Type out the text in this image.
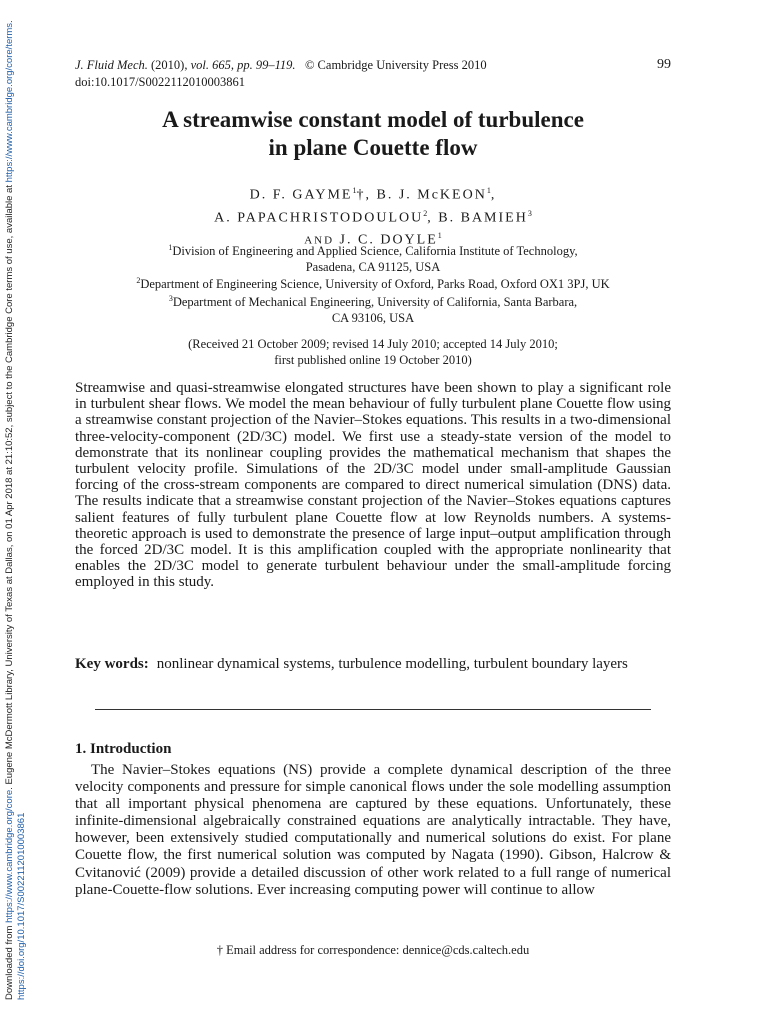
Downloaded from https://www.cambridge.org/core. Eugene McDermott Library, University of Texas at Dallas, on 01 Apr 2018 at 21:10:52, subject to the Cambridge Core terms of use, available at https://www.cambridge.org/core/terms.
https://doi.org/10.1017/S0022112010003861
J. Fluid Mech. (2010), vol. 665, pp. 99–119. © Cambridge University Press 2010
doi:10.1017/S0022112010003861
99
A streamwise constant model of turbulence
in plane Couette flow
D. F. GAYME$^1$†, B. J. McKEON$^1$,
A. PAPACHRISTODOULOU$^2$, B. BAMIEH$^3$
AND J. C. DOYLE$^1$
$^1$Division of Engineering and Applied Science, California Institute of Technology,
Pasadena, CA 91125, USA
$^2$Department of Engineering Science, University of Oxford, Parks Road, Oxford OX1 3PJ, UK
$^3$Department of Mechanical Engineering, University of California, Santa Barbara,
CA 93106, USA
(Received 21 October 2009; revised 14 July 2010; accepted 14 July 2010;
first published online 19 October 2010)

Streamwise and quasi-streamwise elongated structures have been shown to play a significant role in turbulent shear flows. We model the mean behaviour of fully turbulent plane Couette flow using a streamwise constant projection of the Navier–Stokes equations. This results in a two-dimensional three-velocity-component (2D/3C) model. We first use a steady-state version of the model to demonstrate that its nonlinear coupling provides the mathematical mechanism that shapes the turbulent velocity profile. Simulations of the 2D/3C model under small-amplitude Gaussian forcing of the cross-stream components are compared to direct numerical simulation (DNS) data. The results indicate that a streamwise constant projection of the Navier–Stokes equations captures salient features of fully turbulent plane Couette flow at low Reynolds numbers. A systems-theoretic approach is used to demonstrate the presence of large input–output amplification through the forced 2D/3C model. It is this amplification coupled with the appropriate nonlinearity that enables the 2D/3C model to generate turbulent behaviour under the small-amplitude forcing employed in this study.

Key words: nonlinear dynamical systems, turbulence modelling, turbulent boundary layers
1. Introduction

The Navier–Stokes equations (NS) provide a complete dynamical description of the three velocity components and pressure for simple canonical flows under the sole modelling assumption that all important physical phenomena are captured by these equations. Unfortunately, these infinite-dimensional algebraically constrained equations are analytically intractable. They have, however, been extensively studied computationally and numerical solutions do exist. For plane Couette flow, the first numerical solution was computed by Nagata (1990). Gibson, Halcrow & Cvitanović (2009) provide a detailed discussion of other work related to a full range of numerical plane-Couette-flow solutions. Ever increasing computing power will continue to allow

† Email address for correspondence: dennice@cds.caltech.edu
